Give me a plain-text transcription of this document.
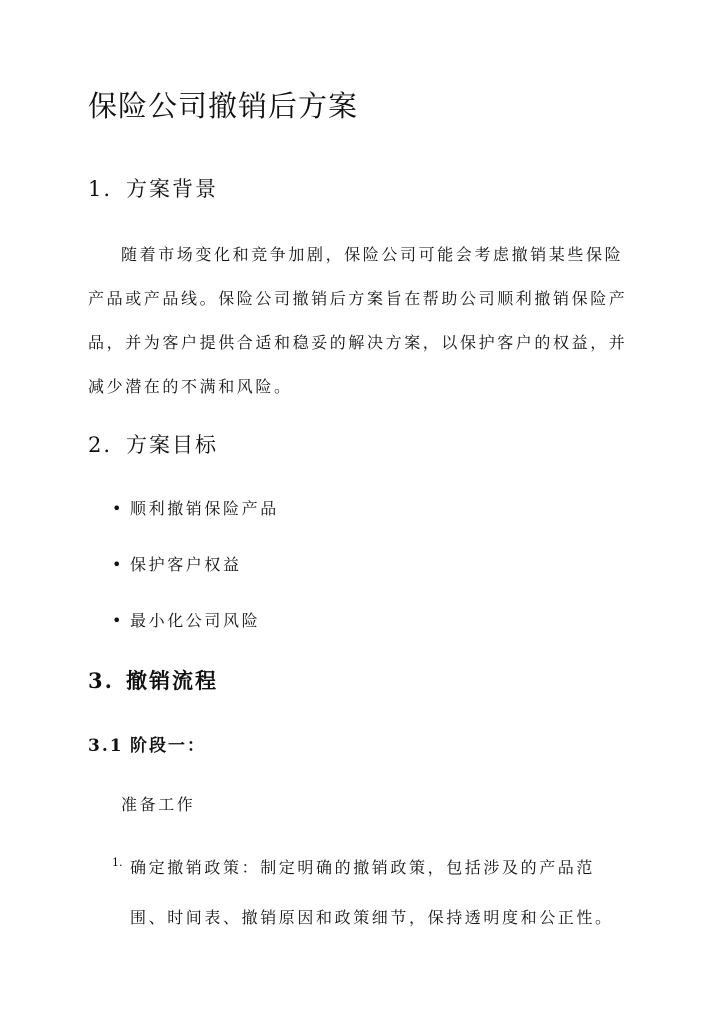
保险公司撤销后方案
1. 方案背景

随着市场变化和竞争加剧，保险公司可能会考虑撤销某些保险产品或产品线。保险公司撤销后方案旨在帮助公司顺利撤销保险产品，并为客户提供合适和稳妥的解决方案，以保护客户的权益，并减少潜在的不满和风险。

2. 方案目标
• 顺利撤销保险产品
• 保护客户权益
• 最小化公司风险
3. 撤销流程
3.1 阶段一：

准备工作

1. 确定撤销政策：制定明确的撤销政策，包括涉及的产品范围、时间表、撤销原因和政策细节，保持透明度和公正性。
